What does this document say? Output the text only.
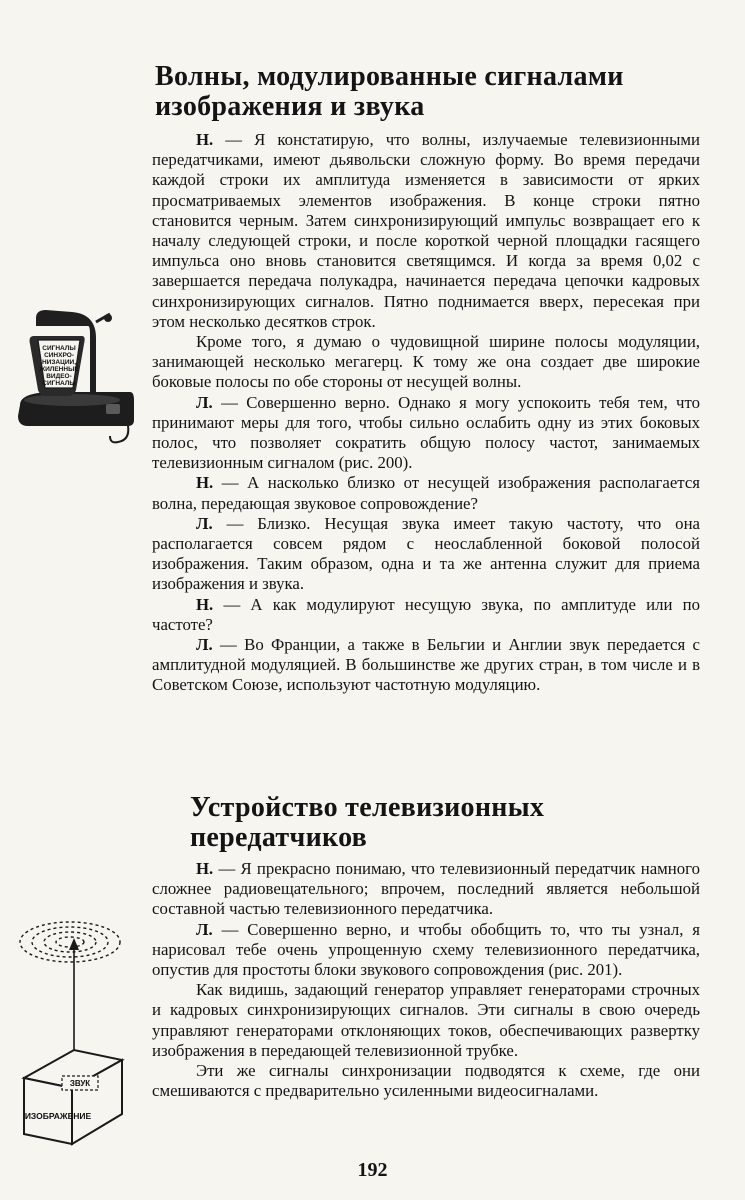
СИГНАЛЫ
СИНХРО-
НИЗАЦИИ,
ЖИЛЕННЫЕ
ВИДЕО-
СИГНАЛЫ
Волны, модулированные сигналами
изображения и звука

Н. — Я констатирую, что волны, излучаемые телевизионными передатчиками, имеют дьявольски сложную форму. Во время передачи каждой строки их амплитуда изменяется в зависимости от ярких просматриваемых элементов изображения. В конце строки пятно становится черным. Затем синхронизирующий импульс возвращает его к началу следующей строки, и после короткой черной площадки гасящего импульса оно вновь становится светящимся. И когда за время 0,02 с завершается передача полукадра, начинается передача цепочки кадровых синхронизирующих сигналов. Пятно поднимается вверх, пересекая при этом несколько десятков строк.

Кроме того, я думаю о чудовищной ширине полосы модуляции, занимающей несколько мегагерц. К тому же она создает две широкие боковые полосы по обе стороны от несущей волны.

Л. — Совершенно верно. Однако я могу успокоить тебя тем, что принимают меры для того, чтобы сильно ослабить одну из этих боковых полос, что позволяет сократить общую полосу частот, занимаемых телевизионным сигналом (рис. 200).

Н. — А насколько близко от несущей изображения располагается волна, передающая звуковое сопровождение?

Л. — Близко. Несущая звука имеет такую частоту, что она располагается совсем рядом с неослабленной боковой полосой изображения. Таким образом, одна и та же антенна служит для приема изображения и звука.

Н. — А как модулируют несущую звука, по амплитуде или по частоте?

Л. — Во Франции, а также в Бельгии и Англии звук передается с амплитудной модуляцией. В большинстве же других стран, в том числе и в Советском Союзе, используют частотную модуляцию.

Устройство телевизионных
передатчиков
ЗВУК
ИЗОБРАЖЕНИЕ

Н. — Я прекрасно понимаю, что телевизионный передатчик намного сложнее радиовещательного; впрочем, последний является небольшой составной частью телевизионного передатчика.

Л. — Совершенно верно, и чтобы обобщить то, что ты узнал, я нарисовал тебе очень упрощенную схему телевизионного передатчика, опустив для простоты блоки звукового сопровождения (рис. 201).

Как видишь, задающий генератор управляет генераторами строчных и кадровых синхронизирующих сигналов. Эти сигналы в свою очередь управляют генераторами отклоняющих токов, обеспечивающих развертку изображения в передающей телевизионной трубке.

Эти же сигналы синхронизации подводятся к схеме, где они смешиваются с предварительно усиленными видеосигналами.

192
